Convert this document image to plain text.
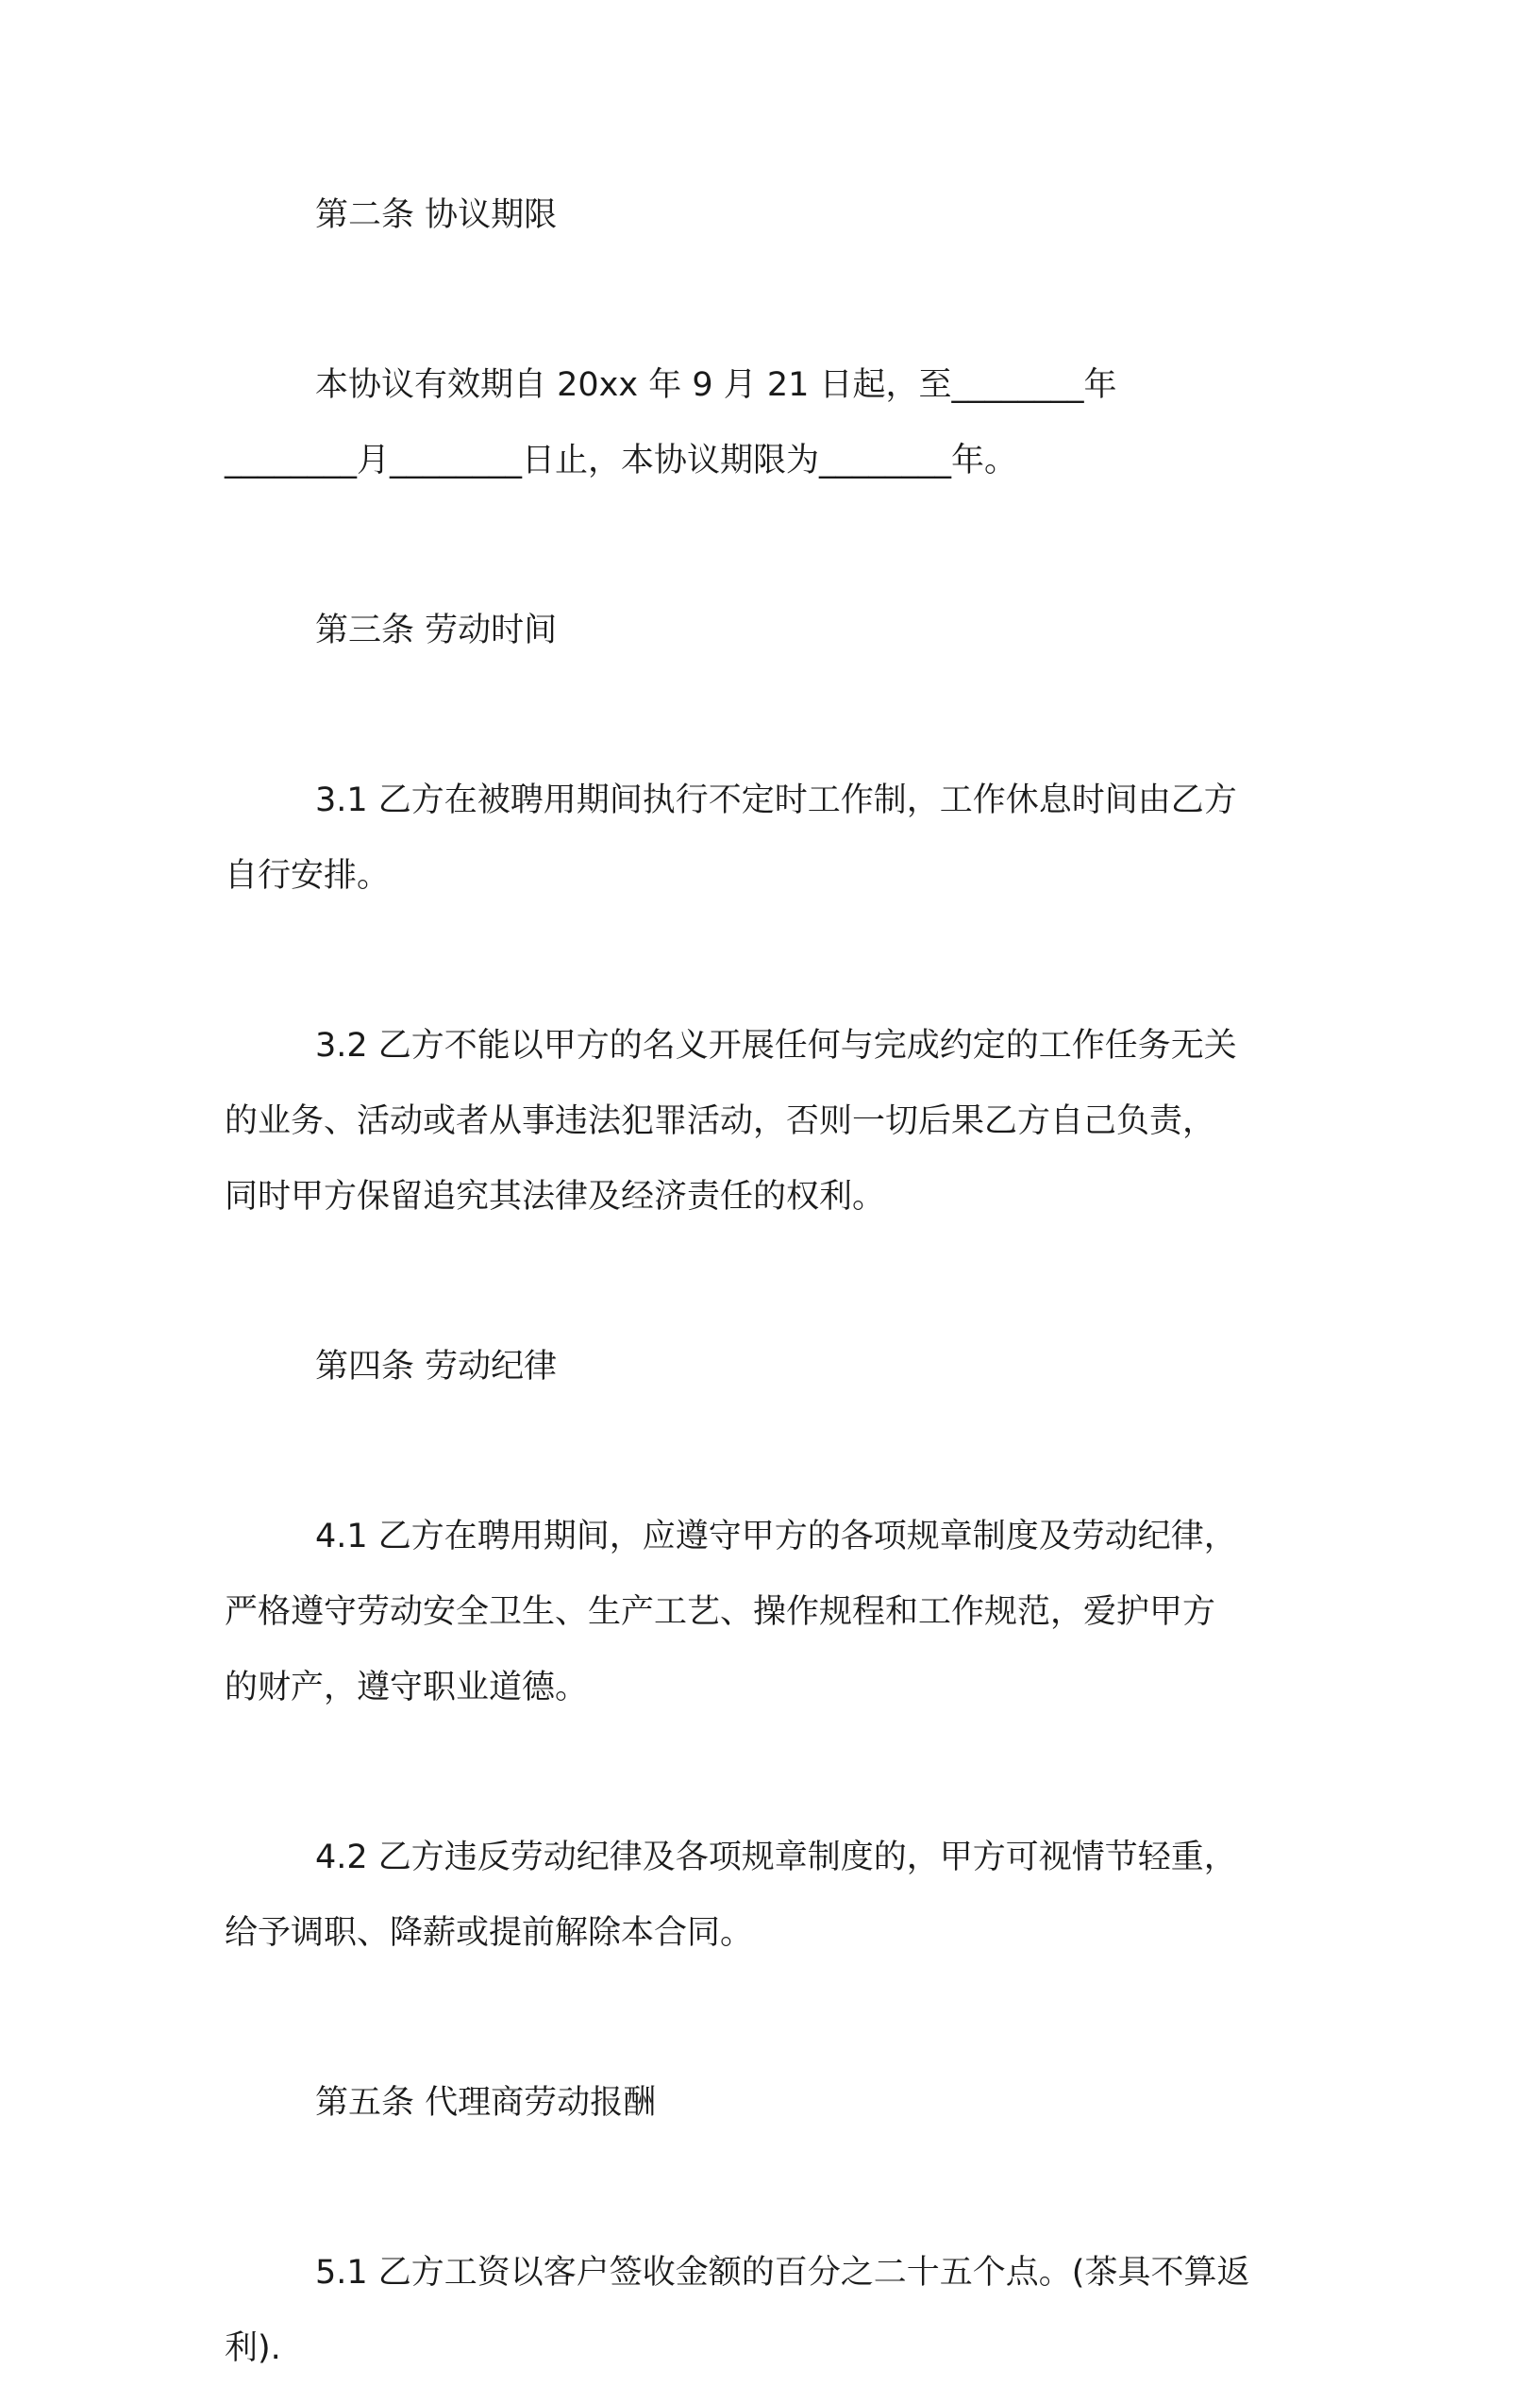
第二条 协议期限
本协议有效期自 20xx 年 9 月 21 日起，至________年
________月________日止，本协议期限为________年。
第三条 劳动时间
3.1 乙方在被聘用期间执行不定时工作制，工作休息时间由乙方
自行安排。
3.2 乙方不能以甲方的名义开展任何与完成约定的工作任务无关
的业务、活动或者从事违法犯罪活动，否则一切后果乙方自己负责，
同时甲方保留追究其法律及经济责任的权利。
第四条 劳动纪律
4.1 乙方在聘用期间，应遵守甲方的各项规章制度及劳动纪律，
严格遵守劳动安全卫生、生产工艺、操作规程和工作规范，爱护甲方
的财产，遵守职业道德。
4.2 乙方违反劳动纪律及各项规章制度的，甲方可视情节轻重，
给予调职、降薪或提前解除本合同。
第五条 代理商劳动报酬
5.1 乙方工资以客户签收金额的百分之二十五个点。(茶具不算返
利).
